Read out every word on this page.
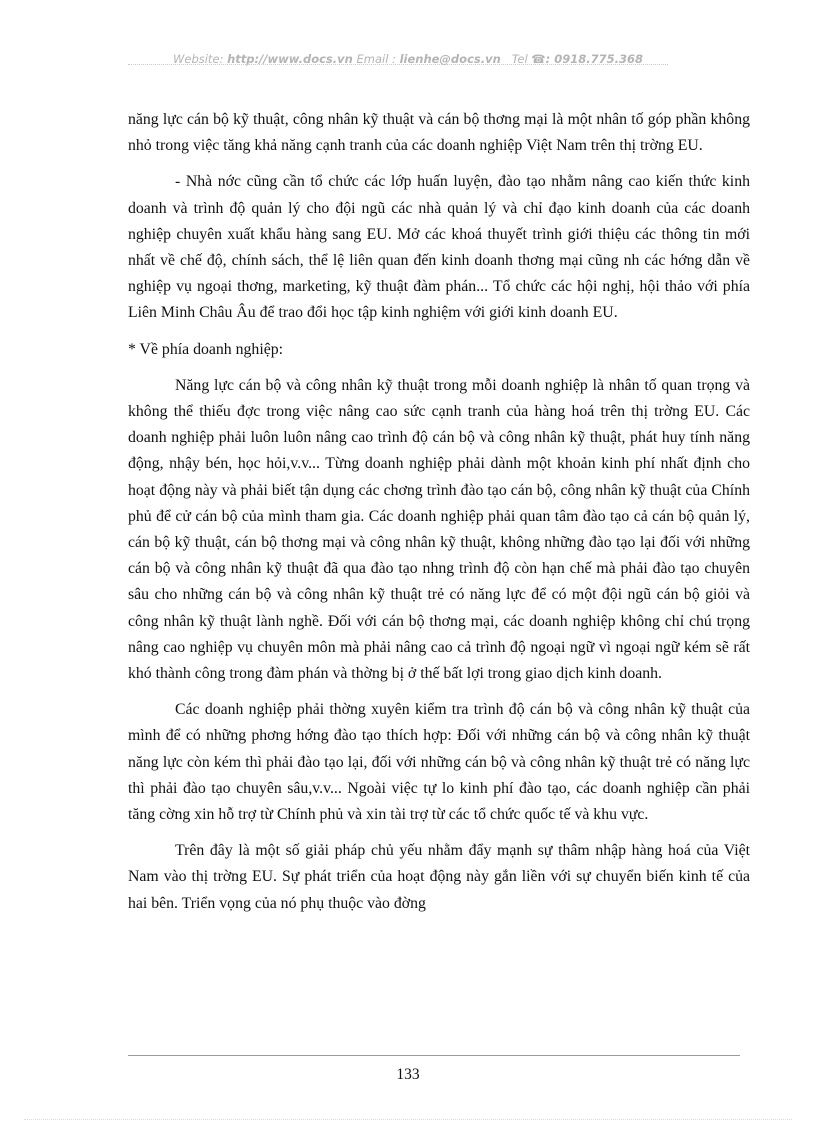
Website: http://www.docs.vn Email : lienhe@docs.vn Tel ☎: 0918.775.368

năng lực cán bộ kỹ thuật, công nhân kỹ thuật và cán bộ thơng mại là một nhân tố góp phần không nhỏ trong việc tăng khả năng cạnh tranh của các doanh nghiệp Việt Nam trên thị trờng EU.

- Nhà nớc cũng cần tổ chức các lớp huấn luyện, đào tạo nhằm nâng cao kiến thức kinh doanh và trình độ quản lý cho đội ngũ các nhà quản lý và chỉ đạo kinh doanh của các doanh nghiệp chuyên xuất khẩu hàng sang EU. Mở các khoá thuyết trình giới thiệu các thông tin mới nhất về chế độ, chính sách, thể lệ liên quan đến kinh doanh thơng mại cũng nh các hớng dẫn về nghiệp vụ ngoại thơng, marketing, kỹ thuật đàm phán... Tổ chức các hội nghị, hội thảo với phía Liên Minh Châu Âu để trao đổi học tập kinh nghiệm với giới kinh doanh EU.

* Về phía doanh nghiệp:

Năng lực cán bộ và công nhân kỹ thuật trong mỗi doanh nghiệp là nhân tố quan trọng và không thể thiếu đợc trong việc nâng cao sức cạnh tranh của hàng hoá trên thị trờng EU. Các doanh nghiệp phải luôn luôn nâng cao trình độ cán bộ và công nhân kỹ thuật, phát huy tính năng động, nhậy bén, học hỏi,v.v... Từng doanh nghiệp phải dành một khoản kinh phí nhất định cho hoạt động này và phải biết tận dụng các chơng trình đào tạo cán bộ, công nhân kỹ thuật của Chính phủ để cử cán bộ của mình tham gia. Các doanh nghiệp phải quan tâm đào tạo cả cán bộ quản lý, cán bộ kỹ thuật, cán bộ thơng mại và công nhân kỹ thuật, không những đào tạo lại đối với những cán bộ và công nhân kỹ thuật đã qua đào tạo nhng trình độ còn hạn chế mà phải đào tạo chuyên sâu cho những cán bộ và công nhân kỹ thuật trẻ có năng lực để có một đội ngũ cán bộ giỏi và công nhân kỹ thuật lành nghề. Đối với cán bộ thơng mại, các doanh nghiệp không chỉ chú trọng nâng cao nghiệp vụ chuyên môn mà phải nâng cao cả trình độ ngoại ngữ vì ngoại ngữ kém sẽ rất khó thành công trong đàm phán và thờng bị ở thế bất lợi trong giao dịch kinh doanh.

Các doanh nghiệp phải thờng xuyên kiểm tra trình độ cán bộ và công nhân kỹ thuật của mình để có những phơng hớng đào tạo thích hợp: Đối với những cán bộ và công nhân kỹ thuật năng lực còn kém thì phải đào tạo lại, đối với những cán bộ và công nhân kỹ thuật trẻ có năng lực thì phải đào tạo chuyên sâu,v.v... Ngoài việc tự lo kinh phí đào tạo, các doanh nghiệp cần phải tăng cờng xin hỗ trợ từ Chính phủ và xin tài trợ từ các tổ chức quốc tế và khu vực.

Trên đây là một số giải pháp chủ yếu nhằm đẩy mạnh sự thâm nhập hàng hoá của Việt Nam vào thị trờng EU. Sự phát triển của hoạt động này gắn liền với sự chuyển biến kinh tế của hai bên. Triển vọng của nó phụ thuộc vào đờng

133
